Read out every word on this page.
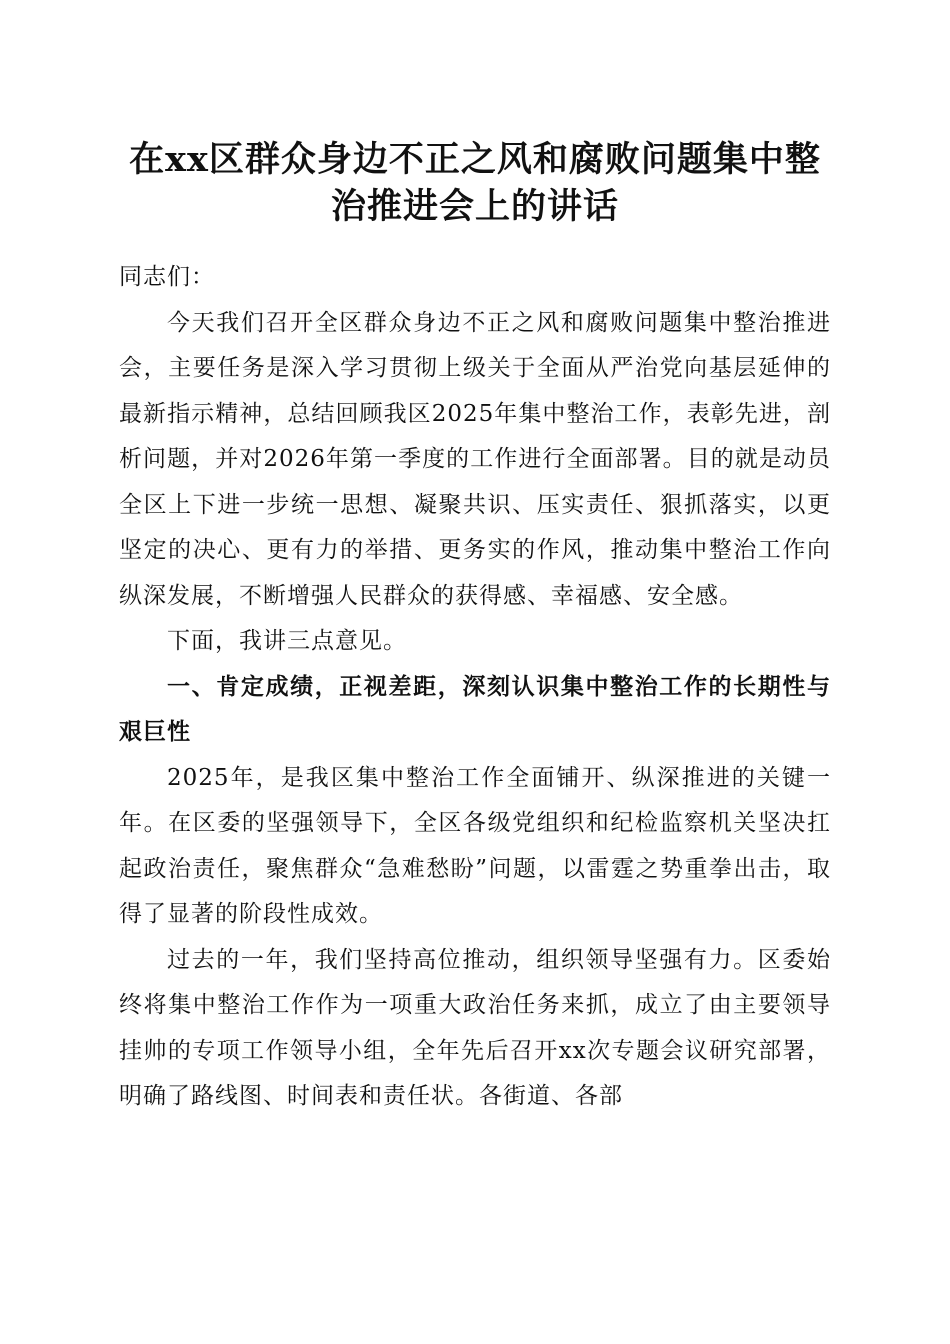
在xx区群众身边不正之风和腐败问题集中整
治推进会上的讲话

同志们：

今天我们召开全区群众身边不正之风和腐败问题集中整治推进会，主要任务是深入学习贯彻上级关于全面从严治党向基层延伸的最新指示精神，总结回顾我区2025年集中整治工作，表彰先进，剖析问题，并对2026年第一季度的工作进行全面部署。目的就是动员全区上下进一步统一思想、凝聚共识、压实责任、狠抓落实，以更坚定的决心、更有力的举措、更务实的作风，推动集中整治工作向纵深发展，不断增强人民群众的获得感、幸福感、安全感。

下面，我讲三点意见。

一、肯定成绩，正视差距，深刻认识集中整治工作的长期性与艰巨性

2025年，是我区集中整治工作全面铺开、纵深推进的关键一年。在区委的坚强领导下，全区各级党组织和纪检监察机关坚决扛起政治责任，聚焦群众“急难愁盼”问题，以雷霆之势重拳出击，取得了显著的阶段性成效。

过去的一年，我们坚持高位推动，组织领导坚强有力。区委始终将集中整治工作作为一项重大政治任务来抓，成立了由主要领导挂帅的专项工作领导小组，全年先后召开xx次专题会议研究部署，明确了路线图、时间表和责任状。各街道、各部
